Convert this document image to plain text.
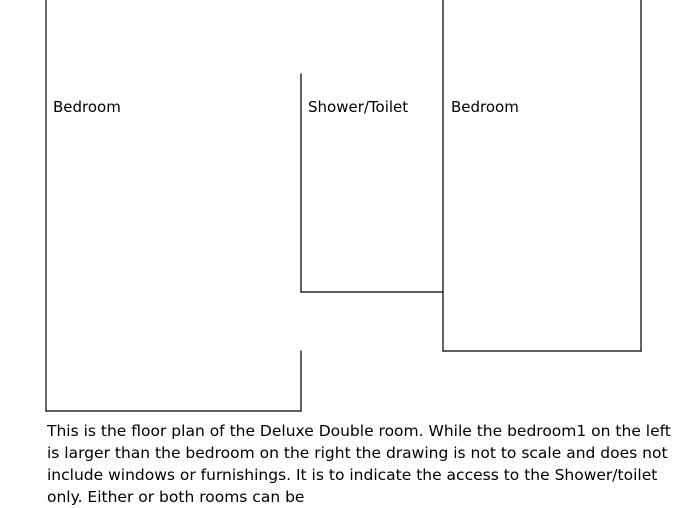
Bedroom	Shower/Toilet	Bedroom

This is the floor plan of the Deluxe Double room. While the bedroom1 on the left is larger than the bedroom on the right the drawing is not to scale and does not include windows or furnishings. It is to indicate the access to the Shower/toilet only. Either or both rooms can be
